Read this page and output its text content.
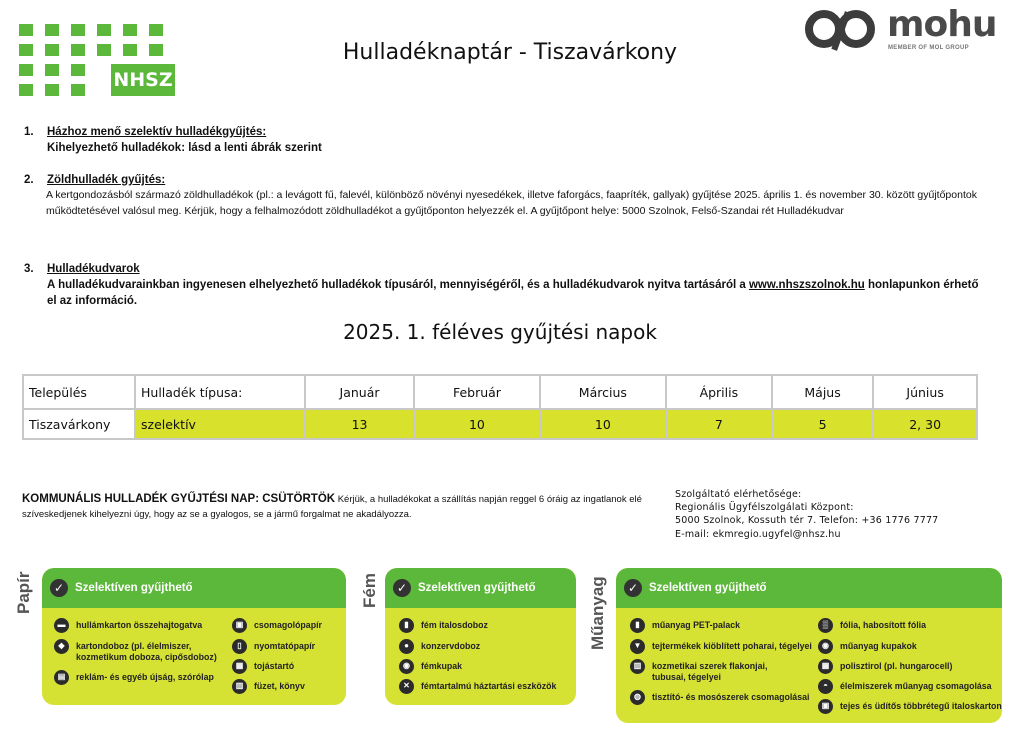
NHSZ
Hulladéknaptár - Tiszavárkony
mohu
MEMBER OF MOL GROUP
1. Házhoz menő szelektív hulladékgyűjtés:
Kihelyezhető hulladékok: lásd a lenti ábrák szerint
2. Zöldhulladék gyűjtés:
A kertgondozásból származó zöldhulladékok (pl.: a levágott fű, falevél, különböző növényi nyesedékek, illetve faforgács, faapríték, gallyak) gyűjtése 2025. április 1. és november 30. között gyűjtőpontok működtetésével valósul meg. Kérjük, hogy a felhalmozódott zöldhulladékot a gyűjtőponton helyezzék el. A gyűjtőpont helye: 5000 Szolnok, Felső-Szandai rét Hulladékudvar
3. Hulladékudvarok
A hulladékudvarainkban ingyenesen elhelyezhető hulladékok típusáról, mennyiségéről, és a hulladékudvarok nyitva tartásáról a www.nhszszolnok.hu honlapunkon érhető el az információ.
2025. 1. féléves gyűjtési napok
Település	Hulladék típusa:	Január	Február	Március	Április	Május	Június
Tiszavárkony	szelektív	13	10	10	7	5	2, 30
KOMMUNÁLIS HULLADÉK GYŰJTÉSI NAP: CSÜTÖRTÖK Kérjük, a hulladékokat a szállítás napján reggel 6 óráig az ingatlanok elé szíveskedjenek kihelyezni úgy, hogy az se a gyalogos, se a jármű forgalmat ne akadályozza.
Szolgáltató elérhetősége:
Regionális Ügyfélszolgálati Központ:
5000 Szolnok, Kossuth tér 7. Telefon: +36 1776 7777
E-mail: ekmregio.ugyfel@nhsz.hu
Papír	✓ Szelektíven gyűjthető
▬	hullámkarton összehajtogatva
◆	kartondoboz (pl. élelmiszer, kozmetikum doboza, cipősdoboz)
▤	reklám- és egyéb újság, szórólap
▣	csomagolópapír
▯	nyomtatópapír
▦	tojástartó
▥	füzet, könyv
Fém	✓ Szelektíven gyűjthető
▮	fém italosdoboz
●	konzervdoboz
◉	fémkupak
✕	fémtartalmú háztartási eszközök
Műanyag	✓ Szelektíven gyűjthető
▮	műanyag PET-palack
▼	tejtermékek kiöblített poharai, tégelyei
▥	kozmetikai szerek flakonjai, tubusai, tégelyei
◍	tisztító- és mosószerek csomagolásai
▒	fólia, habosított fólia
◉	műanyag kupakok
▦	polisztirol (pl. hungarocell)
◓	élelmiszerek műanyag csomagolása
▣	tejes és üdítős többrétegű italoskarton
